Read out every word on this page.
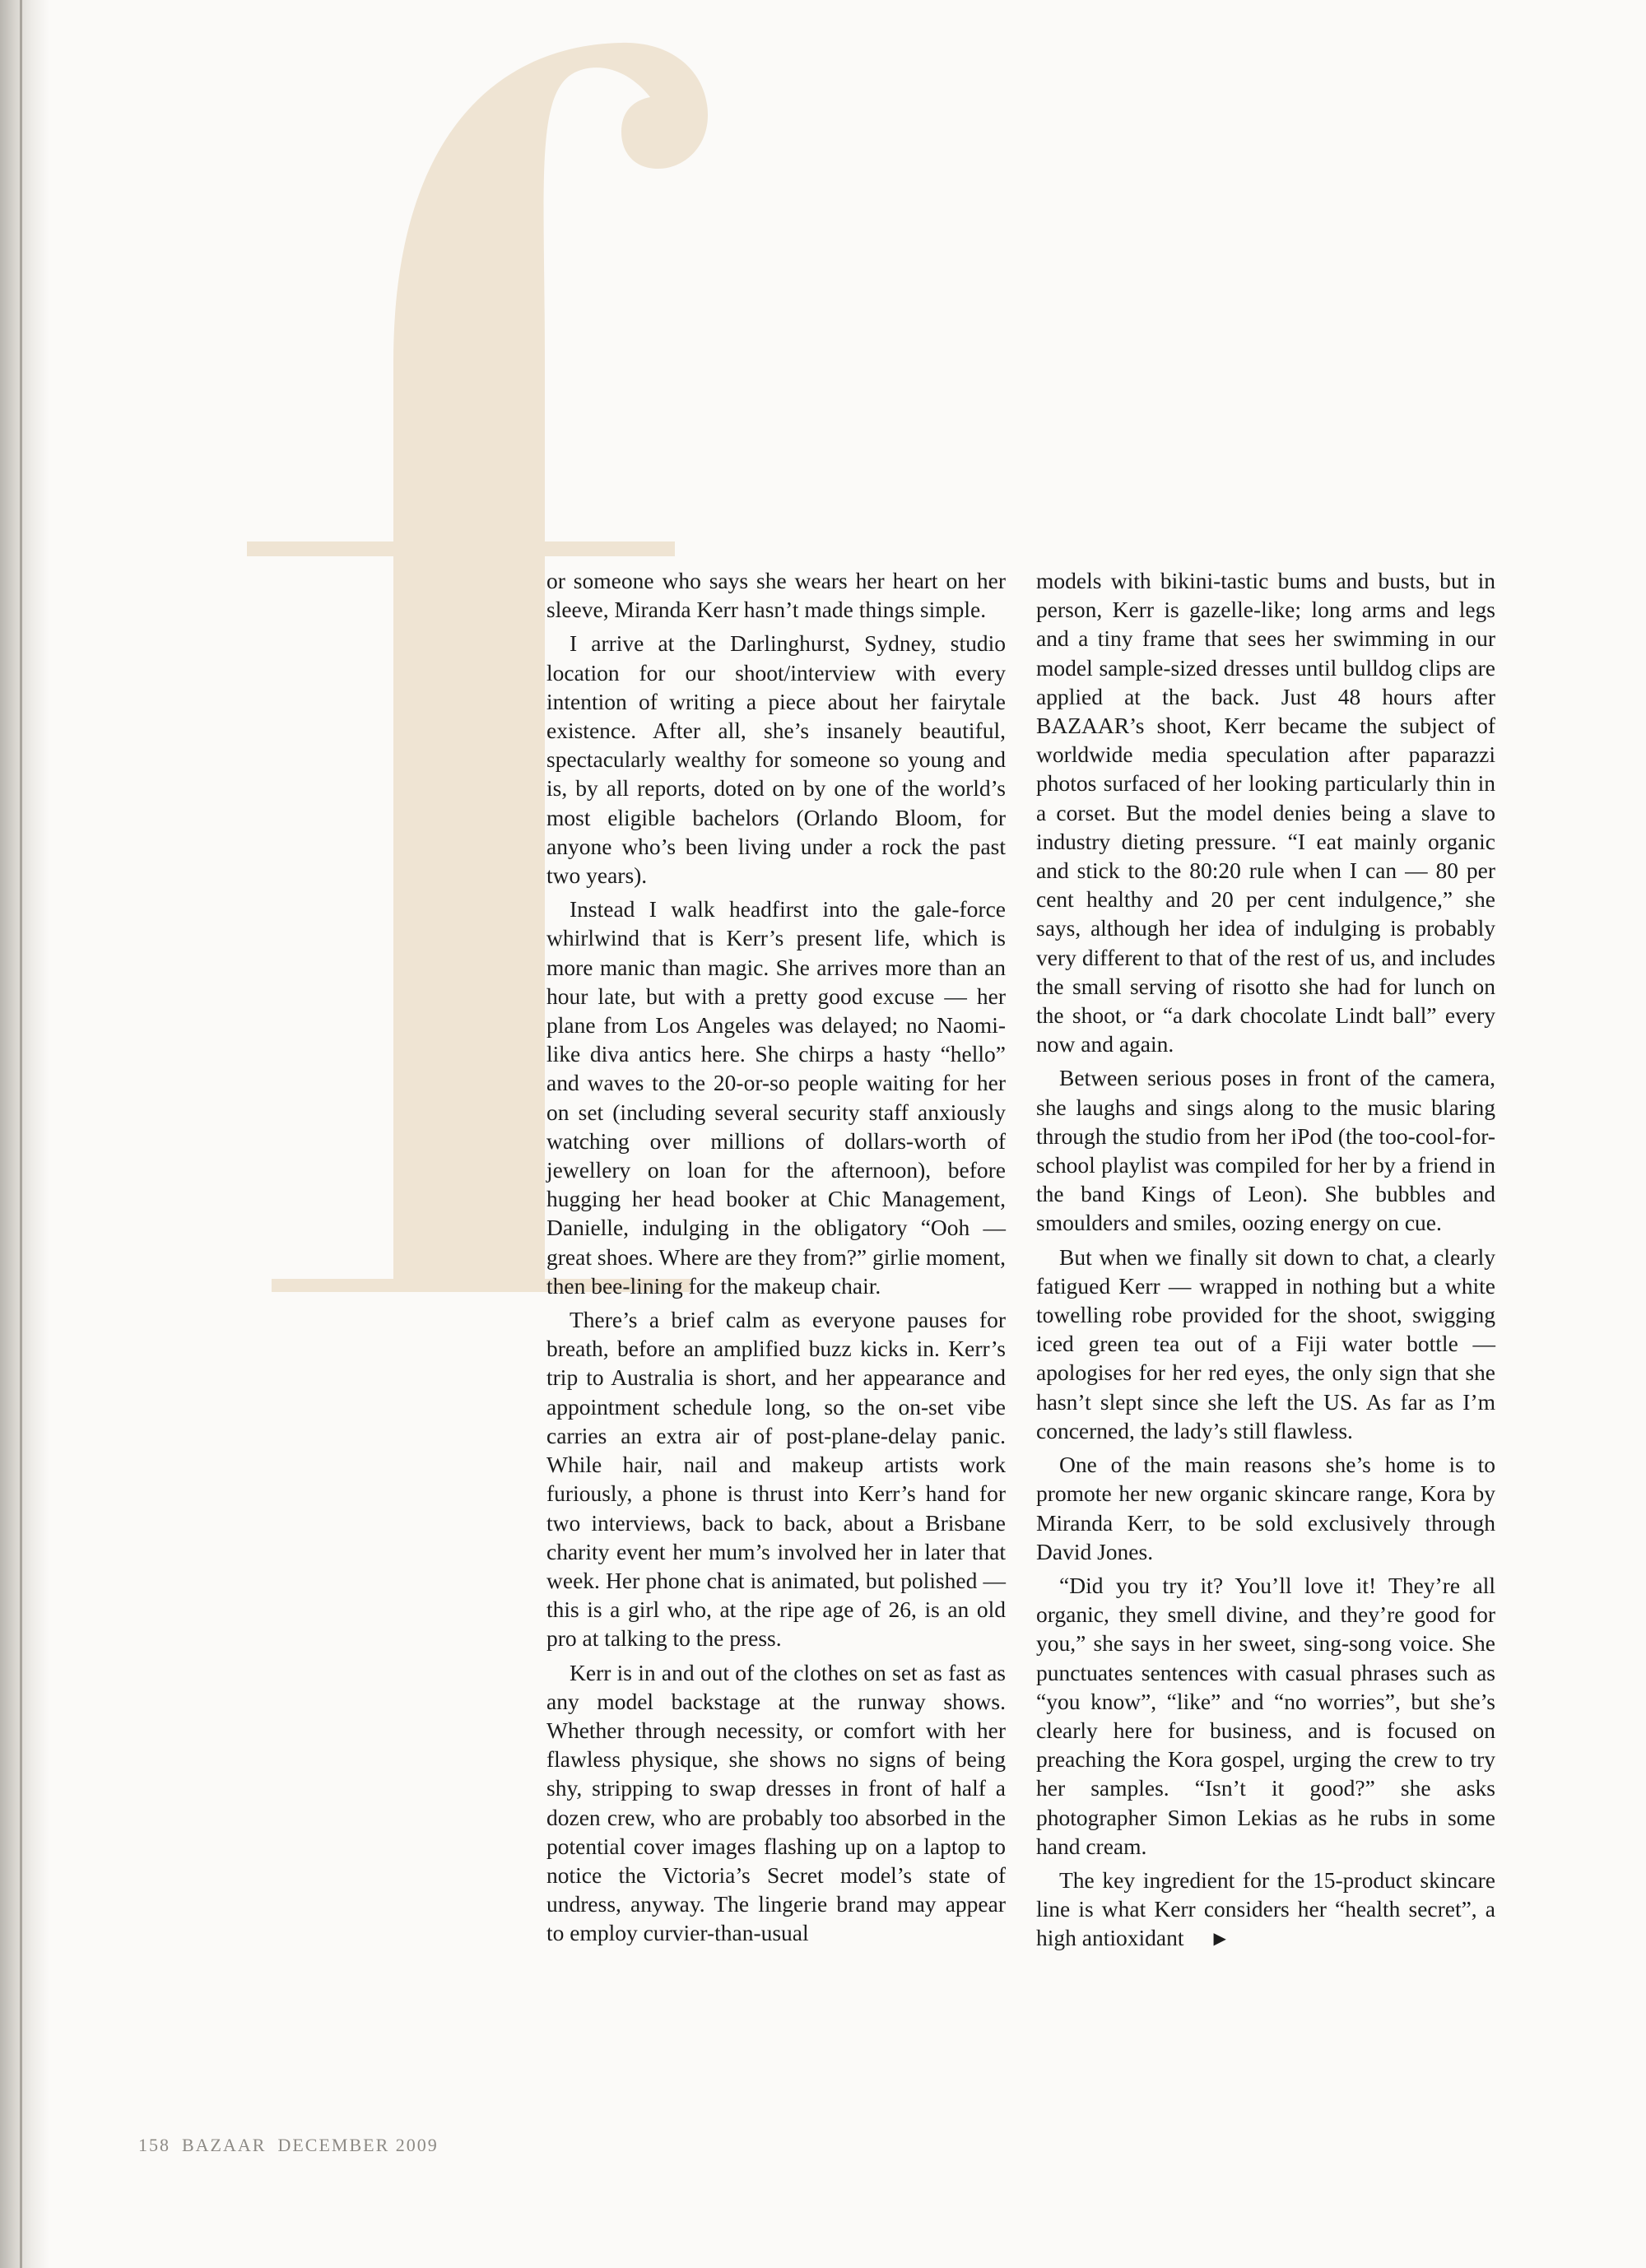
or someone who says she wears her heart on her sleeve, Miranda Kerr hasn’t made things simple.

I arrive at the Darlinghurst, Sydney, studio location for our shoot/interview with every intention of writing a piece about her fairytale existence. After all, she’s insanely beautiful, spectacularly wealthy for someone so young and is, by all reports, doted on by one of the world’s most eligible bachelors (Orlando Bloom, for anyone who’s been living under a rock the past two years).

Instead I walk headfirst into the gale-force whirlwind that is Kerr’s present life, which is more manic than magic. She arrives more than an hour late, but with a pretty good excuse — her plane from Los Angeles was delayed; no Naomi-like diva antics here. She chirps a hasty “hello” and waves to the 20-or-so people waiting for her on set (including several security staff anxiously watching over millions of dollars-worth of jewellery on loan for the afternoon), before hugging her head booker at Chic Management, Danielle, indulging in the obligatory “Ooh — great shoes. Where are they from?” girlie moment, then bee-lining for the makeup chair.

There’s a brief calm as everyone pauses for breath, before an amplified buzz kicks in. Kerr’s trip to Australia is short, and her appearance and appointment schedule long, so the on-set vibe carries an extra air of post-plane-delay panic. While hair, nail and makeup artists work furiously, a phone is thrust into Kerr’s hand for two interviews, back to back, about a Brisbane charity event her mum’s involved her in later that week. Her phone chat is animated, but polished — this is a girl who, at the ripe age of 26, is an old pro at talking to the press.

Kerr is in and out of the clothes on set as fast as any model backstage at the runway shows. Whether through necessity, or comfort with her flawless physique, she shows no signs of being shy, stripping to swap dresses in front of half a dozen crew, who are probably too absorbed in the potential cover images flashing up on a laptop to notice the Victoria’s Secret model’s state of undress, anyway. The lingerie brand may appear to employ curvier-than-usual

models with bikini-tastic bums and busts, but in person, Kerr is gazelle-like; long arms and legs and a tiny frame that sees her swimming in our model sample-sized dresses until bulldog clips are applied at the back. Just 48 hours after BAZAAR’s shoot, Kerr became the subject of worldwide media speculation after paparazzi photos surfaced of her looking particularly thin in a corset. But the model denies being a slave to industry dieting pressure. “I eat mainly organic and stick to the 80:20 rule when I can — 80 per cent healthy and 20 per cent indulgence,” she says, although her idea of indulging is probably very different to that of the rest of us, and includes the small serving of risotto she had for lunch on the shoot, or “a dark chocolate Lindt ball” every now and again.

Between serious poses in front of the camera, she laughs and sings along to the music blaring through the studio from her iPod (the too-cool-for-school playlist was compiled for her by a friend in the band Kings of Leon). She bubbles and smoulders and smiles, oozing energy on cue.

But when we finally sit down to chat, a clearly fatigued Kerr — wrapped in nothing but a white towelling robe provided for the shoot, swigging iced green tea out of a Fiji water bottle — apologises for her red eyes, the only sign that she hasn’t slept since she left the US. As far as I’m concerned, the lady’s still flawless.

One of the main reasons she’s home is to promote her new organic skincare range, Kora by Miranda Kerr, to be sold exclusively through David Jones.

“Did you try it? You’ll love it! They’re all organic, they smell divine, and they’re good for you,” she says in her sweet, sing-song voice. She punctuates sentences with casual phrases such as “you know”, “like” and “no worries”, but she’s clearly here for business, and is focused on preaching the Kora gospel, urging the crew to try her samples. “Isn’t it good?” she asks photographer Simon Lekias as he rubs in some hand cream.

The key ingredient for the 15-product skincare line is what Kerr considers her “health secret”, a high antioxidant ▶

158 BAZAAR DECEMBER 2009
